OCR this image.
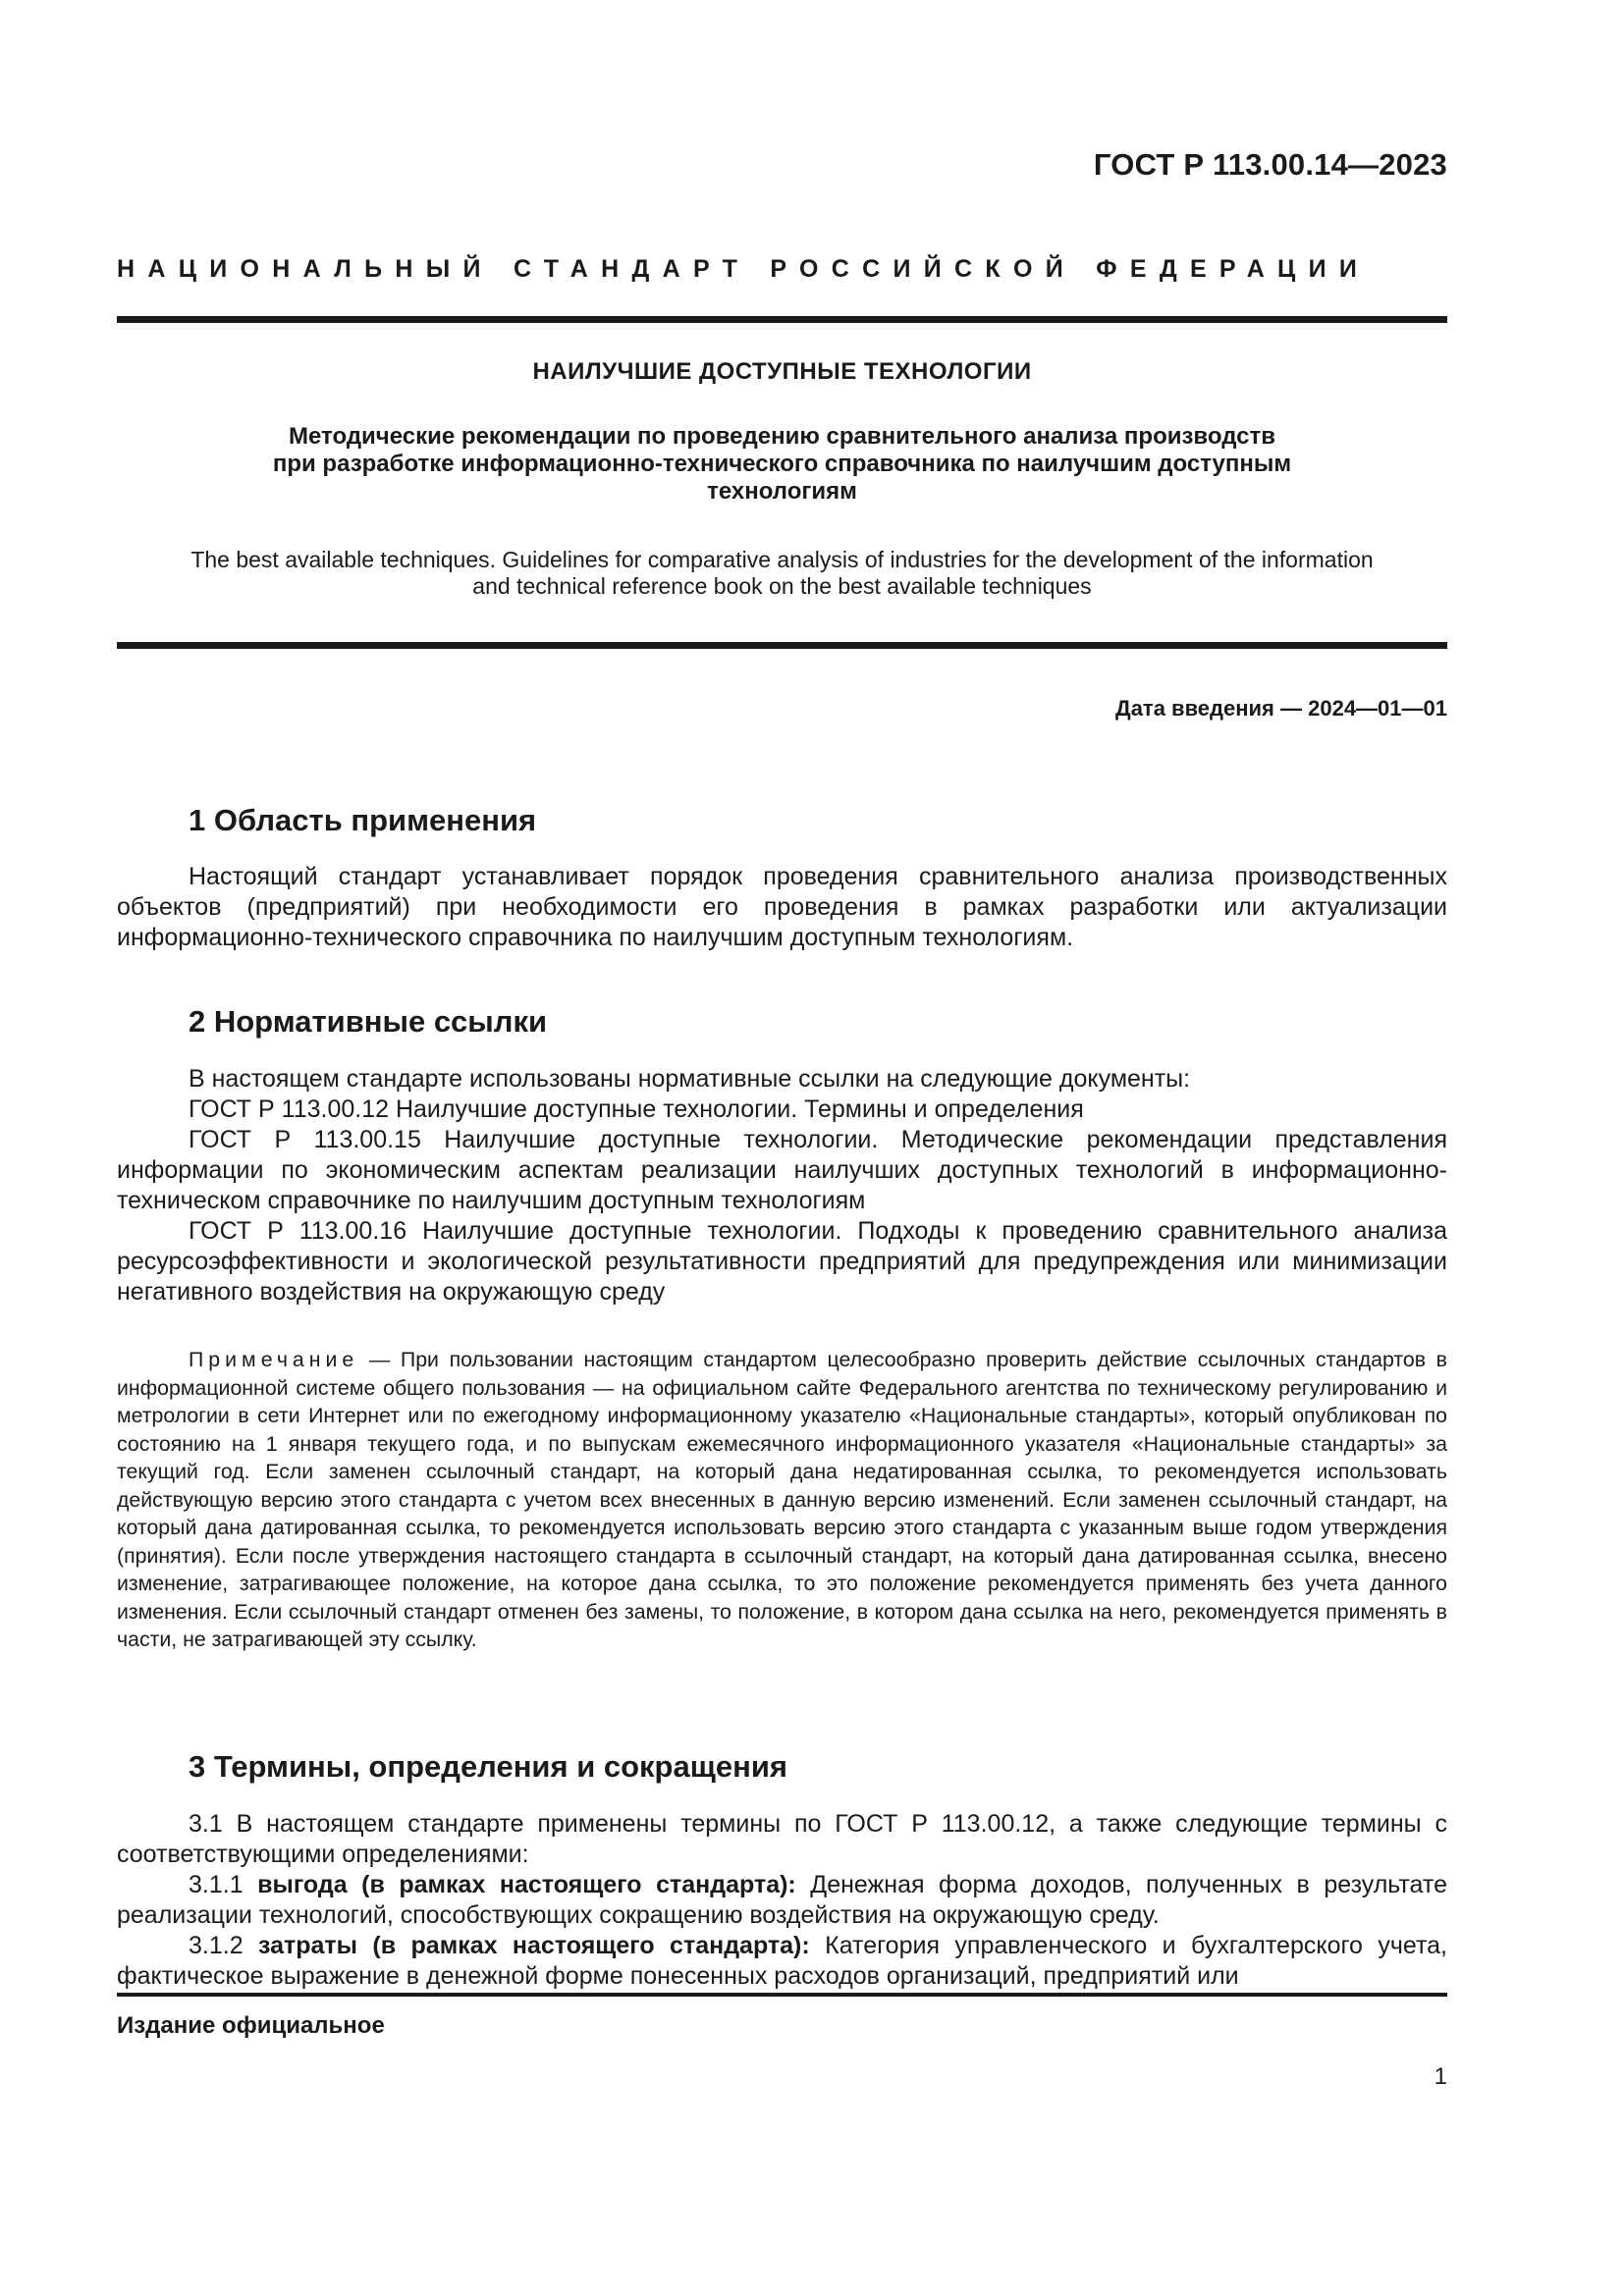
ГОСТ Р 113.00.14—2023
НАЦИОНАЛЬНЫЙ СТАНДАРТ РОССИЙСКОЙ ФЕДЕРАЦИИ
НАИЛУЧШИЕ ДОСТУПНЫЕ ТЕХНОЛОГИИ
Методические рекомендации по проведению сравнительного анализа производств
при разработке информационно-технического справочника по наилучшим доступным
технологиям
The best available techniques. Guidelines for comparative analysis of industries for the development of the information
and technical reference book on the best available techniques
Дата введения — 2024—01—01
1 Область применения

Настоящий стандарт устанавливает порядок проведения сравнительного анализа производственных объектов (предприятий) при необходимости его проведения в рамках разработки или актуализации информационно-технического справочника по наилучшим доступным технологиям.

2 Нормативные ссылки

В настоящем стандарте использованы нормативные ссылки на следующие документы:

ГОСТ Р 113.00.12 Наилучшие доступные технологии. Термины и определения

ГОСТ Р 113.00.15 Наилучшие доступные технологии. Методические рекомендации представления информации по экономическим аспектам реализации наилучших доступных технологий в информационно-техническом справочнике по наилучшим доступным технологиям

ГОСТ Р 113.00.16 Наилучшие доступные технологии. Подходы к проведению сравнительного анализа ресурсоэффективности и экологической результативности предприятий для предупреждения или минимизации негативного воздействия на окружающую среду

Примечание — При пользовании настоящим стандартом целесообразно проверить действие ссылочных стандартов в информационной системе общего пользования — на официальном сайте Федерального агентства по техническому регулированию и метрологии в сети Интернет или по ежегодному информационному указателю «Национальные стандарты», который опубликован по состоянию на 1 января текущего года, и по выпускам ежемесячного информационного указателя «Национальные стандарты» за текущий год. Если заменен ссылочный стандарт, на который дана недатированная ссылка, то рекомендуется использовать действующую версию этого стандарта с учетом всех внесенных в данную версию изменений. Если заменен ссылочный стандарт, на который дана датированная ссылка, то рекомендуется использовать версию этого стандарта с указанным выше годом утверждения (принятия). Если после утверждения настоящего стандарта в ссылочный стандарт, на который дана датированная ссылка, внесено изменение, затрагивающее положение, на которое дана ссылка, то это положение рекомендуется применять без учета данного изменения. Если ссылочный стандарт отменен без замены, то положение, в котором дана ссылка на него, рекомендуется применять в части, не затрагивающей эту ссылку.

3 Термины, определения и сокращения

3.1 В настоящем стандарте применены термины по ГОСТ Р 113.00.12, а также следующие термины с соответствующими определениями:

3.1.1 выгода (в рамках настоящего стандарта): Денежная форма доходов, полученных в результате реализации технологий, способствующих сокращению воздействия на окружающую среду.

3.1.2 затраты (в рамках настоящего стандарта): Категория управленческого и бухгалтерского учета, фактическое выражение в денежной форме понесенных расходов организаций, предприятий или

Издание официальное
1
